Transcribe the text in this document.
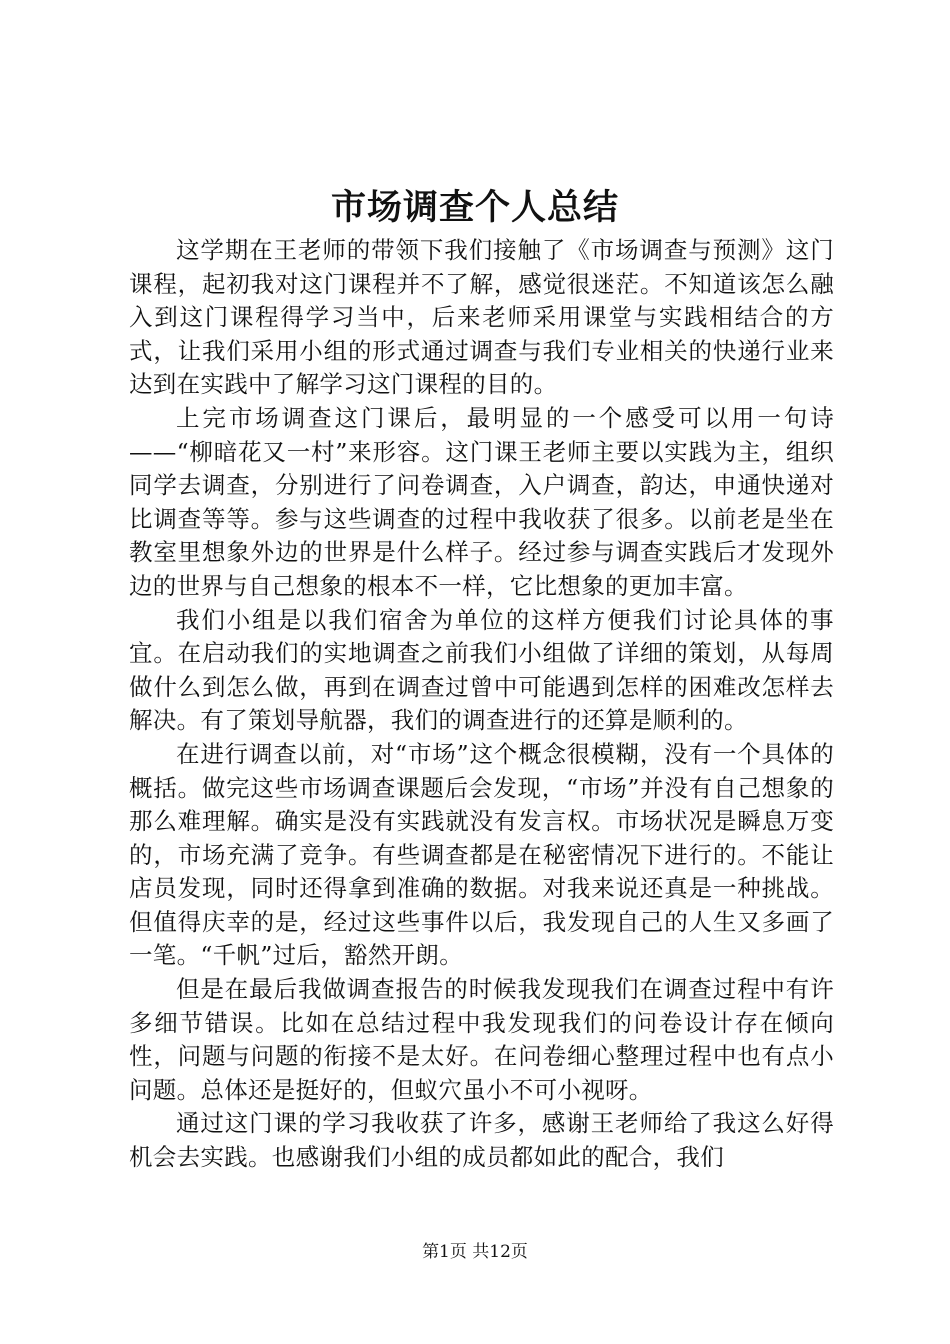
市场调查个人总结

这学期在王老师的带领下我们接触了《市场调查与预测》这门课程，起初我对这门课程并不了解，感觉很迷茫。不知道该怎么融入到这门课程得学习当中，后来老师采用课堂与实践相结合的方式，让我们采用小组的形式通过调查与我们专业相关的快递行业来达到在实践中了解学习这门课程的目的。

上完市场调查这门课后，最明显的一个感受可以用一句诗——“柳暗花又一村”来形容。这门课王老师主要以实践为主，组织同学去调查，分别进行了问卷调查，入户调查，韵达，申通快递对比调查等等。参与这些调查的过程中我收获了很多。以前老是坐在教室里想象外边的世界是什么样子。经过参与调查实践后才发现外边的世界与自己想象的根本不一样，它比想象的更加丰富。

我们小组是以我们宿舍为单位的这样方便我们讨论具体的事宜。在启动我们的实地调查之前我们小组做了详细的策划，从每周做什么到怎么做，再到在调查过曾中可能遇到怎样的困难改怎样去解决。有了策划导航器，我们的调查进行的还算是顺利的。

在进行调查以前，对“市场”这个概念很模糊，没有一个具体的概括。做完这些市场调查课题后会发现，“市场”并没有自己想象的那么难理解。确实是没有实践就没有发言权。市场状况是瞬息万变的，市场充满了竞争。有些调查都是在秘密情况下进行的。不能让店员发现，同时还得拿到准确的数据。对我来说还真是一种挑战。但值得庆幸的是，经过这些事件以后，我发现自己的人生又多画了一笔。“千帆”过后，豁然开朗。

但是在最后我做调查报告的时候我发现我们在调查过程中有许多细节错误。比如在总结过程中我发现我们的问卷设计存在倾向性，问题与问题的衔接不是太好。在问卷细心整理过程中也有点小问题。总体还是挺好的，但蚁穴虽小不可小视呀。

通过这门课的学习我收获了许多，感谢王老师给了我这么好得机会去实践。也感谢我们小组的成员都如此的配合，我们

第1页 共12页
